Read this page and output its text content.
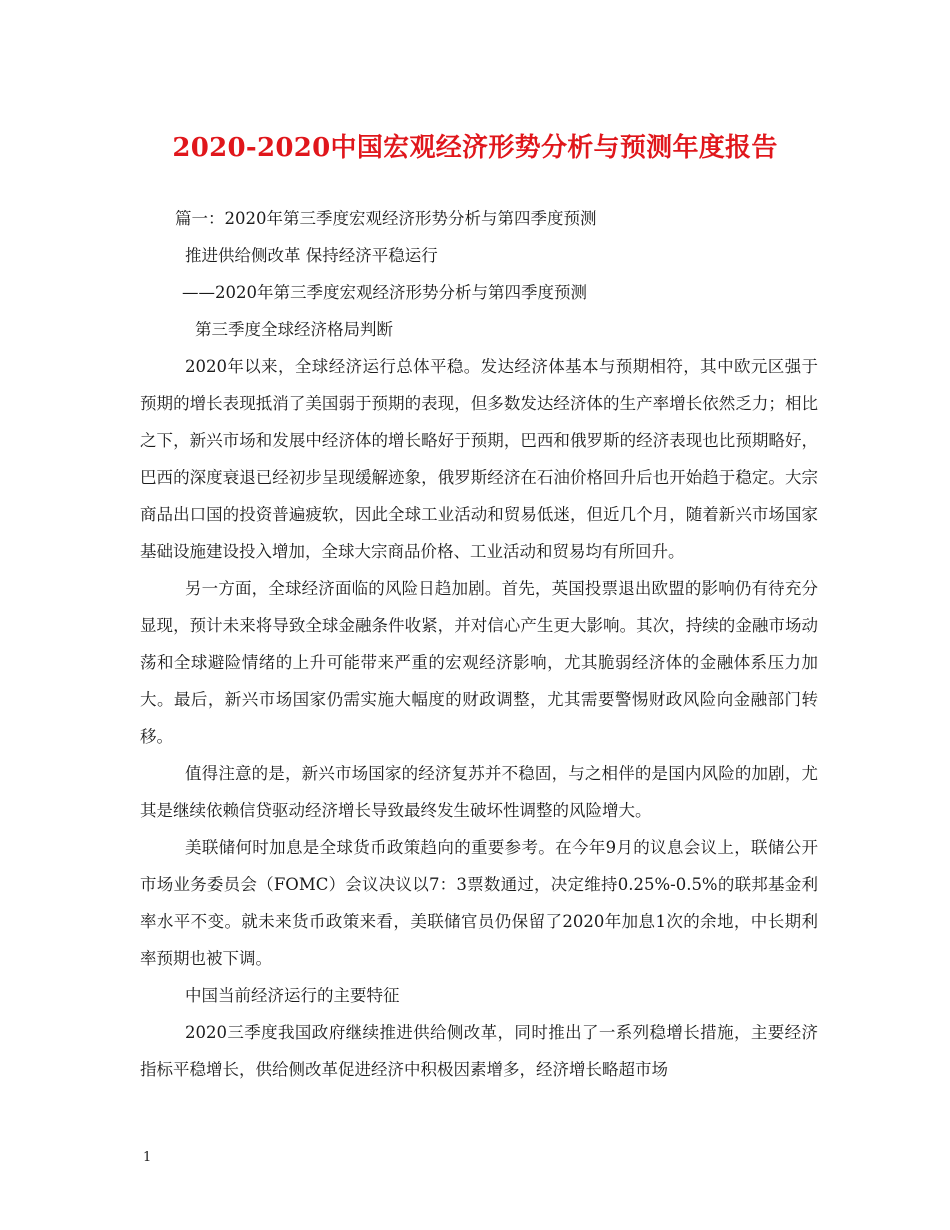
2020-2020中国宏观经济形势分析与预测年度报告
篇一：2020年第三季度宏观经济形势分析与第四季度预测
推进供给侧改革 保持经济平稳运行
——2020年第三季度宏观经济形势分析与第四季度预测
第三季度全球经济格局判断

2020年以来，全球经济运行总体平稳。发达经济体基本与预期相符，其中欧元区强于预期的增长表现抵消了美国弱于预期的表现，但多数发达经济体的生产率增长依然乏力；相比之下，新兴市场和发展中经济体的增长略好于预期，巴西和俄罗斯的经济表现也比预期略好，巴西的深度衰退已经初步呈现缓解迹象，俄罗斯经济在石油价格回升后也开始趋于稳定。大宗商品出口国的投资普遍疲软，因此全球工业活动和贸易低迷，但近几个月，随着新兴市场国家基础设施建设投入增加，全球大宗商品价格、工业活动和贸易均有所回升。

另一方面，全球经济面临的风险日趋加剧。首先，英国投票退出欧盟的影响仍有待充分显现，预计未来将导致全球金融条件收紧，并对信心产生更大影响。其次，持续的金融市场动荡和全球避险情绪的上升可能带来严重的宏观经济影响，尤其脆弱经济体的金融体系压力加大。最后，新兴市场国家仍需实施大幅度的财政调整，尤其需要警惕财政风险向金融部门转移。

值得注意的是，新兴市场国家的经济复苏并不稳固，与之相伴的是国内风险的加剧，尤其是继续依赖信贷驱动经济增长导致最终发生破坏性调整的风险增大。

美联储何时加息是全球货币政策趋向的重要参考。在今年9月的议息会议上，联储公开市场业务委员会（FOMC）会议决议以7：3票数通过，决定维持0.25%-0.5%的联邦基金利率水平不变。就未来货币政策来看，美联储官员仍保留了2020年加息1次的余地，中长期利率预期也被下调。

中国当前经济运行的主要特征

2020三季度我国政府继续推进供给侧改革，同时推出了一系列稳增长措施，主要经济指标平稳增长，供给侧改革促进经济中积极因素增多，经济增长略超市场

1
